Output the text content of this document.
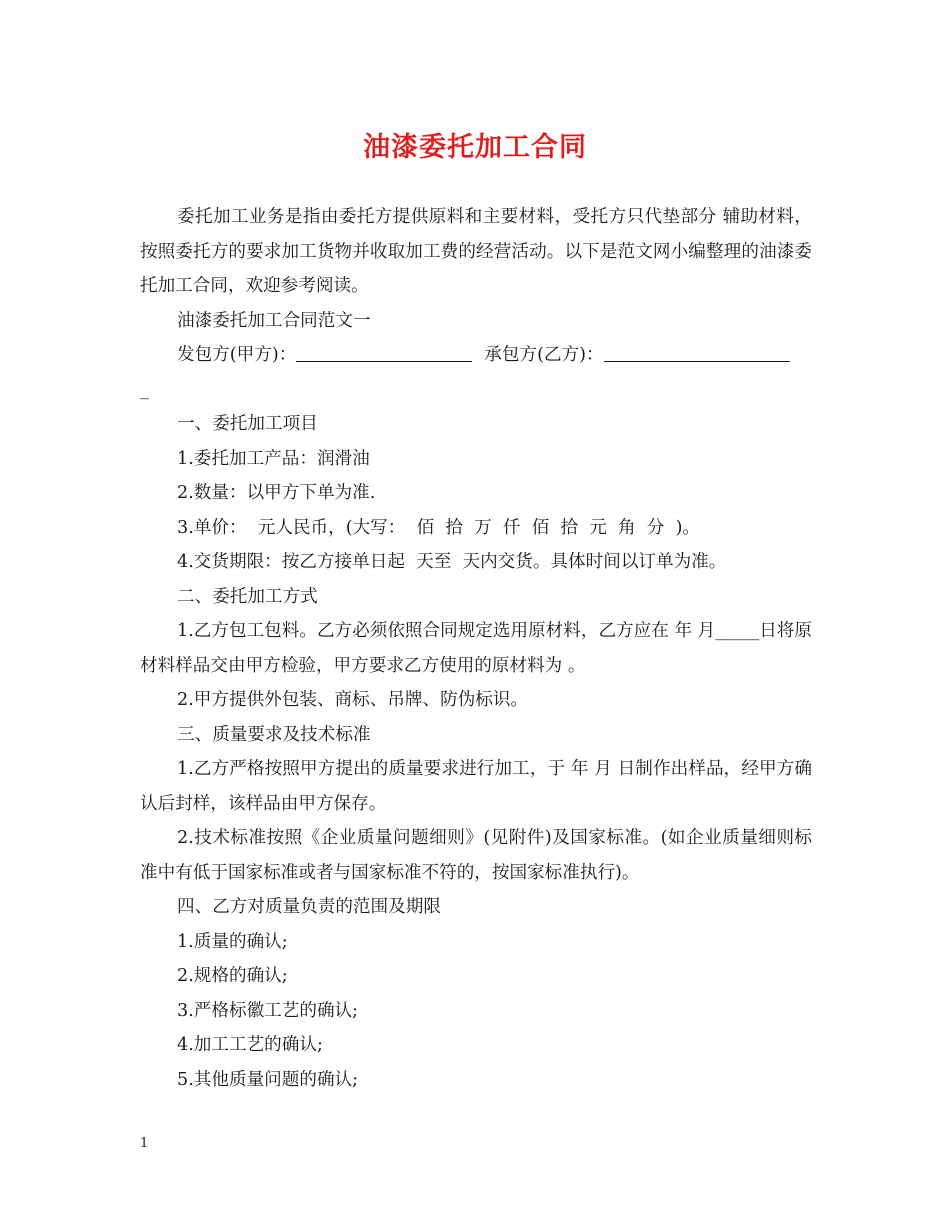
油漆委托加工合同

委托加工业务是指由委托方提供原料和主要材料，受托方只代垫部分 辅助材料，按照委托方的要求加工货物并收取加工费的经营活动。以下是范文网小编整理的油漆委托加工合同，欢迎参考阅读。

油漆委托加工合同范文一

发包方(甲方)：	承包方(乙方)：

_

一、委托加工项目

1.委托加工产品：润滑油

2.数量：以甲方下单为准.

3.单价：  元人民币，(大写：  佰  拾  万  仟  佰  拾  元  角  分  )。

4.交货期限：按乙方接单日起  天至  天内交货。具体时间以订单为准。

二、委托加工方式

1.乙方包工包料。乙方必须依照合同规定选用原材料，乙方应在 年 月_____日将原材料样品交由甲方检验，甲方要求乙方使用的原材料为 。

2.甲方提供外包装、商标、吊牌、防伪标识。

三、质量要求及技术标准

1.乙方严格按照甲方提出的质量要求进行加工，于 年 月 日制作出样品，经甲方确认后封样，该样品由甲方保存。

2.技术标准按照《企业质量问题细则》(见附件)及国家标准。(如企业质量细则标准中有低于国家标准或者与国家标准不符的，按国家标准执行)。

四、乙方对质量负责的范围及期限

1.质量的确认;

2.规格的确认;

3.严格标徽工艺的确认;

4.加工工艺的确认;

5.其他质量问题的确认;

1
